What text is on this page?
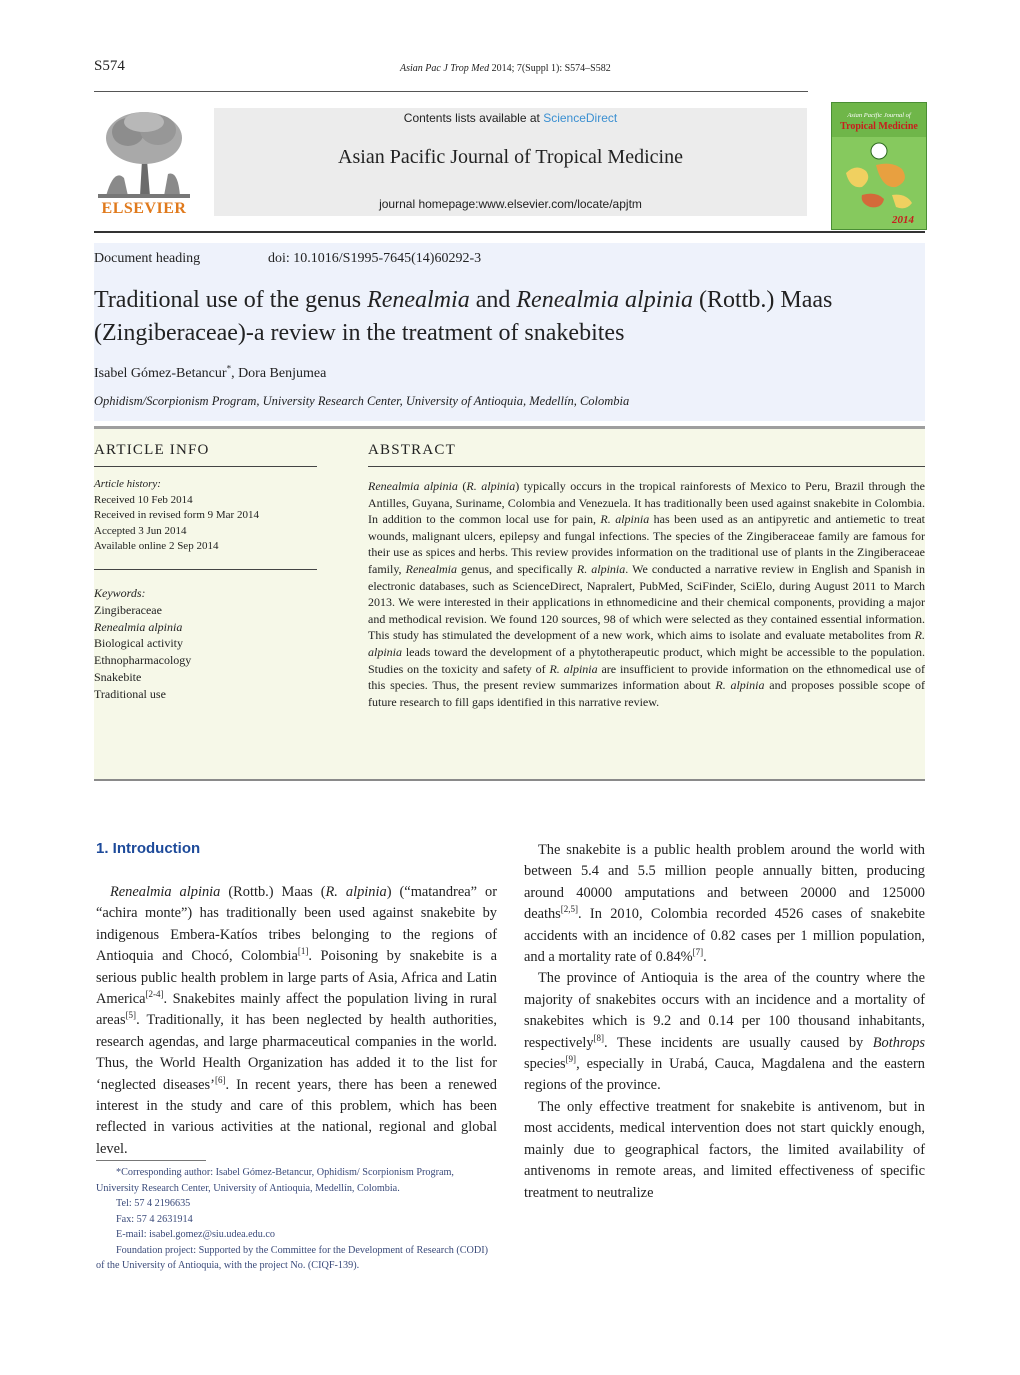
S574	Asian Pac J Trop Med 2014; 7(Suppl 1): S574–S582
ELSEVIER
Contents lists available at ScienceDirect
Asian Pacific Journal of Tropical Medicine
journal homepage:www.elsevier.com/locate/apjtm
Asian Pacific Journal of
Tropical Medicine
2014
Document heading	doi: 10.1016/S1995-7645(14)60292-3
Traditional use of the genus Renealmia and Renealmia alpinia (Rottb.) Maas (Zingiberaceae)-a review in the treatment of snakebites
Isabel Gómez-Betancur*, Dora Benjumea
Ophidism/Scorpionism Program, University Research Center, University of Antioquia, Medellín, Colombia
ARTICLE INFO
Article history:
Received 10 Feb 2014
Received in revised form 9 Mar 2014
Accepted 3 Jun 2014
Available online 2 Sep 2014
Keywords:
Zingiberaceae
Renealmia alpinia
Biological activity
Ethnopharmacology
Snakebite
Traditional use
ABSTRACT
Renealmia alpinia (R. alpinia) typically occurs in the tropical rainforests of Mexico to Peru, Brazil through the Antilles, Guyana, Suriname, Colombia and Venezuela. It has traditionally been used against snakebite in Colombia. In addition to the common local use for pain, R. alpinia has been used as an antipyretic and antiemetic to treat wounds, malignant ulcers, epilepsy and fungal infections. The species of the Zingiberaceae family are famous for their use as spices and herbs. This review provides information on the traditional use of plants in the Zingiberaceae family, Renealmia genus, and specifically R. alpinia. We conducted a narrative review in English and Spanish in electronic databases, such as ScienceDirect, Napralert, PubMed, SciFinder, SciElo, during August 2011 to March 2013. We were interested in their applications in ethnomedicine and their chemical components, providing a major and methodical revision. We found 120 sources, 98 of which were selected as they contained essential information. This study has stimulated the development of a new work, which aims to isolate and evaluate metabolites from R. alpinia leads toward the development of a phytotherapeutic product, which might be accessible to the population. Studies on the toxicity and safety of R. alpinia are insufficient to provide information on the ethnomedical use of this species. Thus, the present review summarizes information about R. alpinia and proposes possible scope of future research to fill gaps identified in this narrative review.
1. Introduction

Renealmia alpinia (Rottb.) Maas (R. alpinia) (“matandrea” or “achira monte”) has traditionally been used against snakebite by indigenous Embera-Katíos tribes belonging to the regions of Antioquia and Chocó, Colombia[1]. Poisoning by snakebite is a serious public health problem in large parts of Asia, Africa and Latin America[2-4]. Snakebites mainly affect the population living in rural areas[5]. Traditionally, it has been neglected by health authorities, research agendas, and large pharmaceutical companies in the world. Thus, the World Health Organization has added it to the list for ‘neglected diseases’[6]. In recent years, there has been a renewed interest in the study and care of this problem, which has been reflected in various activities at the national, regional and global level.

*Corresponding author: Isabel Gómez-Betancur, Ophidism/ Scorpionism Program, University Research Center, University of Antioquia, Medellín, Colombia.
Tel: 57 4 2196635
Fax: 57 4 2631914
E-mail: isabel.gomez@siu.udea.edu.co
Foundation project: Supported by the Committee for the Development of Research (CODI) of the University of Antioquia, with the project No. (CIQF-139).

The snakebite is a public health problem around the world with between 5.4 and 5.5 million people annually bitten, producing around 40000 amputations and between 20000 and 125000 deaths[2,5]. In 2010, Colombia recorded 4526 cases of snakebite accidents with an incidence of 0.82 cases per 1 million population, and a mortality rate of 0.84%[7].

The province of Antioquia is the area of the country where the majority of snakebites occurs with an incidence and a mortality of snakebites which is 9.2 and 0.14 per 100 thousand inhabitants, respectively[8]. These incidents are usually caused by Bothrops species[9], especially in Urabá, Cauca, Magdalena and the eastern regions of the province.

The only effective treatment for snakebite is antivenom, but in most accidents, medical intervention does not start quickly enough, mainly due to geographical factors, the limited availability of antivenoms in remote areas, and limited effectiveness of specific treatment to neutralize
